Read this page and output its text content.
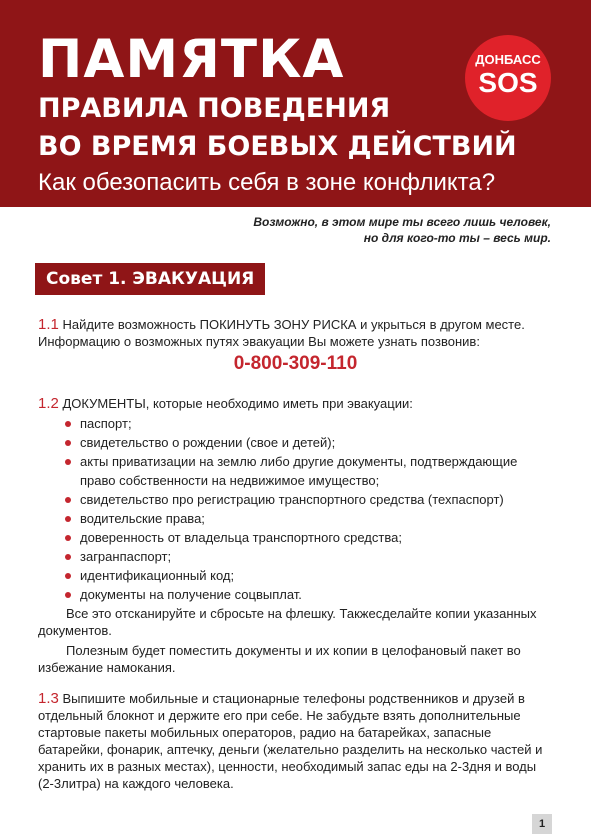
ПАМЯТКА
ПРАВИЛА ПОВЕДЕНИЯ
ВО ВРЕМЯ БОЕВЫХ ДЕЙСТВИЙ
Как обезопасить себя в зоне конфликта?
ДОНБАСС
SOS
Возможно, в этом мире ты всего лишь человек,
но для кого-то ты – весь мир.
Совет 1. ЭВАКУАЦИЯ
1.1 Найдите возможность ПОКИНУТЬ ЗОНУ РИСКА и укрыться в другом месте. Информацию о возможных путях эвакуации Вы можете узнать позвонив:
0-800-309-110
1.2 ДОКУМЕНТЫ, которые необходимо иметь при эвакуации:
паспорт;
свидетельство о рождении (свое и детей);
акты приватизации на землю либо другие документы, подтверждающие право собственности на недвижимое имущество;
свидетельство про регистрацию транспортного средства (техпаспорт)
водительские права;
доверенность от владельца транспортного средства;
загранпаспорт;
идентификационный код;
документы на получение соцвыплат.
Все это отсканируйте и сбросьте на флешку. Такжесделайте копии указанных документов.
Полезным будет поместить документы и их копии в целофановый пакет во избежание намокания.
1.3 Выпишите мобильные и стационарные телефоны родственников и друзей в отдельный блокнот и держите его при себе. Не забудьте взять дополнительные стартовые пакеты мобильных операторов, радио на батарейках, запасные батарейки, фонарик, аптечку, деньги (желательно разделить на несколько частей и хранить их в разных местах), ценности, необходимый запас еды на 2-3дня и воды (2-3литра) на каждого человека.
1
